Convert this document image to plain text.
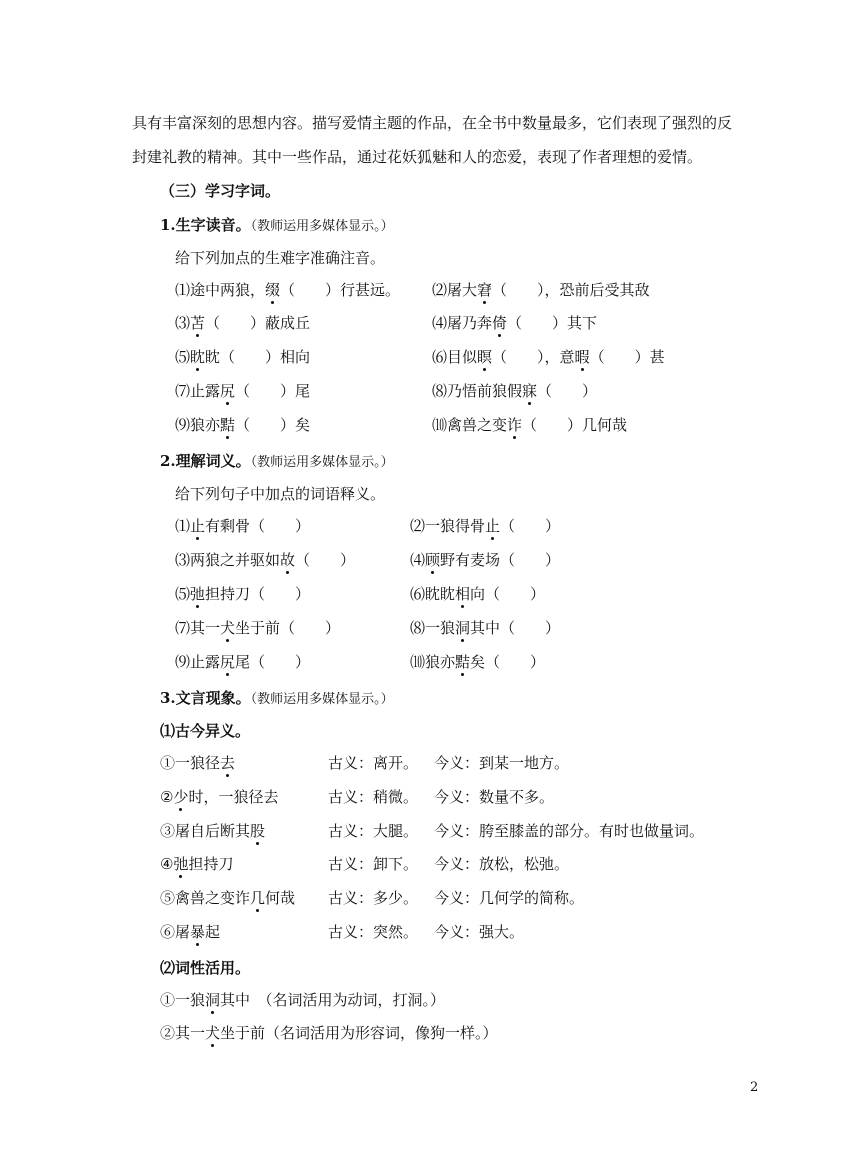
具有丰富深刻的思想内容。描写爱情主题的作品，在全书中数量最多，它们表现了强烈的反
封建礼教的精神。其中一些作品，通过花妖狐魅和人的恋爱，表现了作者理想的爱情。
（三）学习字词。
1.生字读音。（教师运用多媒体显示。）
给下列加点的生难字准确注音。
⑴途中两狼，缀（　　）行甚远。 ⑵屠大窘（　　），恐前后受其敌
⑶苫（　　）蔽成丘	⑷屠乃奔倚（　　）其下
⑸眈眈（　　）相向	⑹目似瞑（　　），意暇（　　）甚
⑺止露尻（　　）尾	⑻乃悟前狼假寐（　　）
⑼狼亦黠（　　）矣	⑽禽兽之变诈（　　）几何哉
2.理解词义。（教师运用多媒体显示。）
给下列句子中加点的词语释义。
⑴止有剩骨（　　）	⑵一狼得骨止（　　）
⑶两狼之并驱如故（　　）	⑷顾野有麦场（　　）
⑸弛担持刀（　　）	⑹眈眈相向（　　）
⑺其一犬坐于前（　　）	⑻一狼洞其中（　　）
⑼止露尻尾（　　）	⑽狼亦黠矣（　　）
3.文言现象。（教师运用多媒体显示。）
⑴古今异义。
①一狼径去	古义：离开。 今义：到某一地方。
②少时，一狼径去	古义：稍微。 今义：数量不多。
③屠自后断其股	古义：大腿。 今义：胯至膝盖的部分。有时也做量词。
④弛担持刀	古义：卸下。 今义：放松，松弛。
⑤禽兽之变诈几何哉 古义：多少。 今义：几何学的简称。
⑥屠暴起	古义：突然。 今义：强大。
⑵词性活用。
①一狼洞其中　（名词活用为动词，打洞。）
②其一犬坐于前（名词活用为形容词，像狗一样。）
2
